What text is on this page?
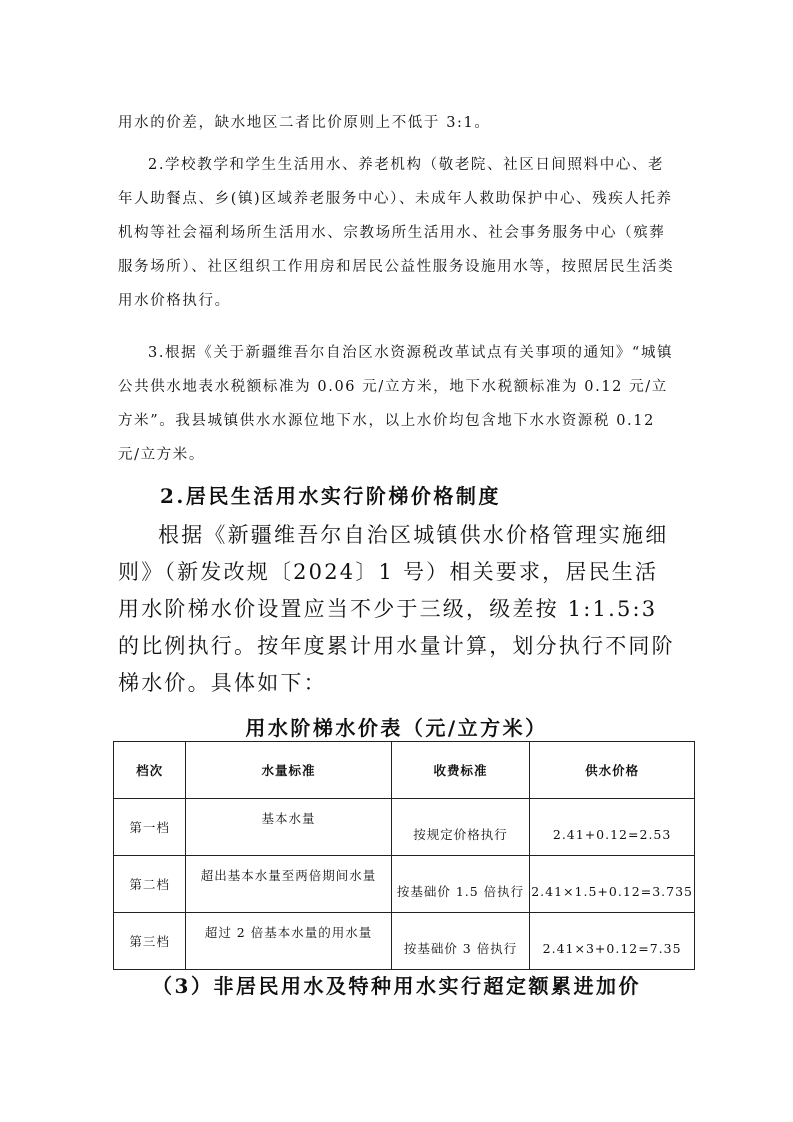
用水的价差，缺水地区二者比价原则上不低于 3:1。

2.学校教学和学生生活用水、养老机构（敬老院、社区日间照料中心、老年人助餐点、乡(镇)区域养老服务中心）、未成年人救助保护中心、残疾人托养机构等社会福利场所生活用水、宗教场所生活用水、社会事务服务中心（殡葬服务场所）、社区组织工作用房和居民公益性服务设施用水等，按照居民生活类用水价格执行。

3.根据《关于新疆维吾尔自治区水资源税改革试点有关事项的通知》“城镇公共供水地表水税额标准为 0.06 元/立方米，地下水税额标准为 0.12 元/立方米”。我县城镇供水水源位地下水，以上水价均包含地下水水资源税 0.12 元/立方米。

2.居民生活用水实行阶梯价格制度

根据《新疆维吾尔自治区城镇供水价格管理实施细则》（新发改规〔2024〕1 号）相关要求，居民生活用水阶梯水价设置应当不少于三级，级差按 1:1.5:3 的比例执行。按年度累计用水量计算，划分执行不同阶梯水价。具体如下：

用水阶梯水价表（元/立方米）
档次	水量标准	收费标准	供水价格
第一档	基本水量	按规定价格执行	2.41+0.12=2.53
第二档	超出基本水量至两倍期间水量	按基础价 1.5 倍执行	2.41×1.5+0.12=3.735
第三档	超过 2 倍基本水量的用水量	按基础价 3 倍执行	2.41×3+0.12=7.35
（3）非居民用水及特种用水实行超定额累进加价
